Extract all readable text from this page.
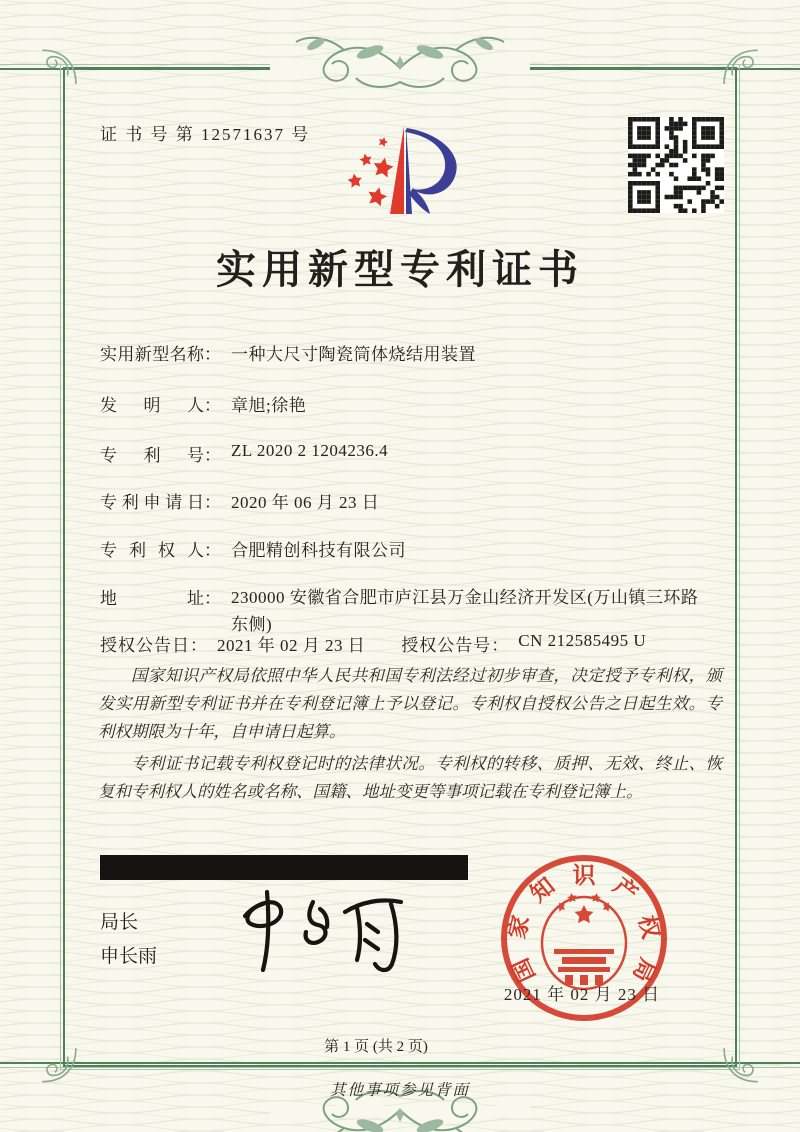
证 书 号 第 12571637 号
实用新型专利证书
实用新型名称 ： 一种大尺寸陶瓷筒体烧结用装置
发明人 ： 章旭;徐艳
专利号 ： ZL 2020 2 1204236.4
专利申请日 ： 2020 年 06 月 23 日
专利权人 ： 合肥精创科技有限公司
地址 ： 230000 安徽省合肥市庐江县万金山经济开发区(万山镇三环路东侧)
授权公告日 ： 2021 年 02 月 23 日 授权公告号 ： CN 212585495 U

国家知识产权局依照中华人民共和国专利法经过初步审查，决定授予专利权，颁发实用新型专利证书并在专利登记簿上予以登记。专利权自授权公告之日起生效。专利权期限为十年，自申请日起算。

专利证书记载专利权登记时的法律状况。专利权的转移、质押、无效、终止、恢复和专利权人的姓名或名称、国籍、地址变更等事项记载在专利登记簿上。

局长
申长雨	国
家
知 识 产
权
局
2021 年 02 月 23 日
第 1 页 (共 2 页)
其他事项参见背面
